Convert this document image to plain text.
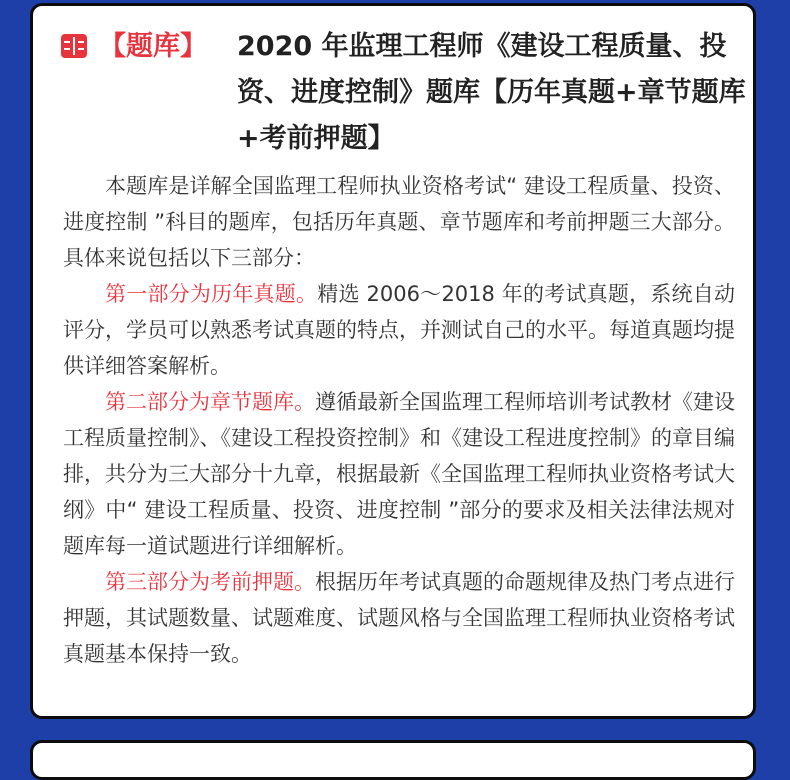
【题库】 2020 年监理工程师《建设工程质量、投资、进度控制》题库【历年真题+章节题库+考前押题】

本题库是详解全国监理工程师执业资格考试“ 建设工程质量、投资、进度控制 ”科目的题库，包括历年真题、章节题库和考前押题三大部分。具体来说包括以下三部分：

第一部分为历年真题。精选 2006～2018 年的考试真题，系统自动评分，学员可以熟悉考试真题的特点，并测试自己的水平。每道真题均提供详细答案解析。

第二部分为章节题库。遵循最新全国监理工程师培训考试教材《建设工程质量控制》、《建设工程投资控制》和《建设工程进度控制》的章目编排，共分为三大部分十九章，根据最新《全国监理工程师执业资格考试大纲》中“ 建设工程质量、投资、进度控制 ”部分的要求及相关法律法规对题库每一道试题进行详细解析。

第三部分为考前押题。根据历年考试真题的命题规律及热门考点进行押题，其试题数量、试题难度、试题风格与全国监理工程师执业资格考试真题基本保持一致。
